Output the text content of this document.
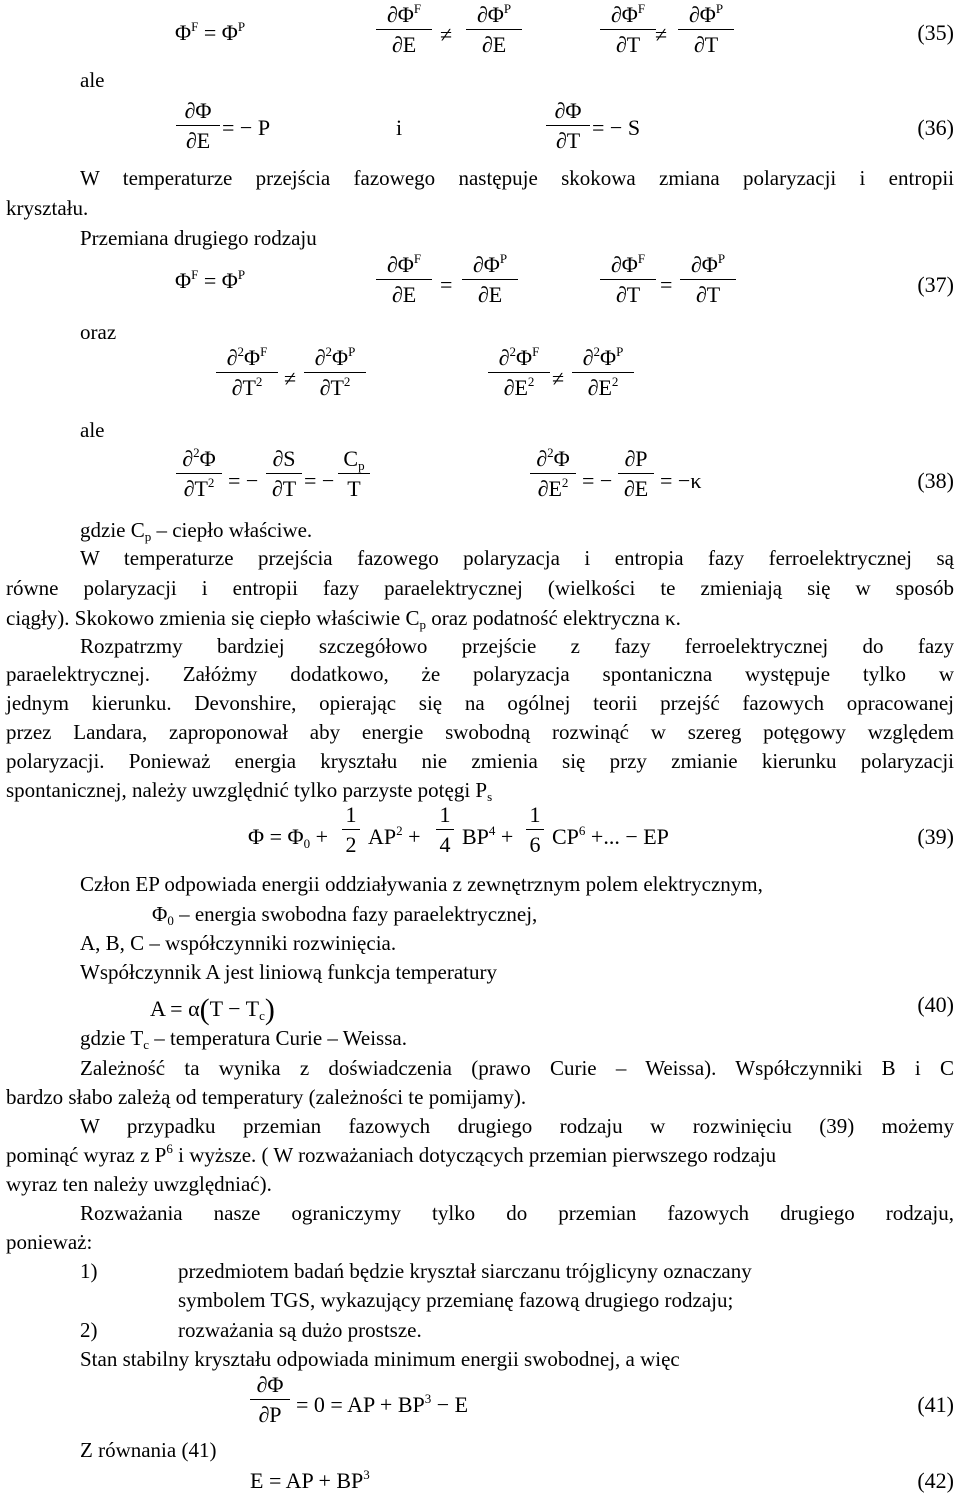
$\Phi^F = \Phi^P$	$\partial\Phi^F$
∂E	≠
$\partial\Phi^P$
∂E
$\partial\Phi^F$
∂T ≠
$\partial\Phi^P$
∂T	(35)
ale
∂Φ
∂E
= − P	i
∂Φ
∂T
= − S	(36)
W temperaturze przejścia fazowego następuje skokowa zmiana polaryzacji i entropii
kryształu.
Przemiana drugiego rodzaju
$\Phi^F = \Phi^P$	$\partial\Phi^F$
∂E	=
$\partial\Phi^P$
∂E
$\partial\Phi^F$
∂T =
$\partial\Phi^P$
∂T	(37)
oraz
$\partial^2\Phi^F$
$\partial T^2$ ≠
$\partial^2\Phi^P$
$\partial T^2$
$\partial^2\Phi^F$
$\partial E^2$ ≠
$\partial^2\Phi^P$
$\partial E^2$
ale
∂$^2$Φ
$\partial T^2$ = −
∂S
∂T = −
$C_p$
T
∂$^2$Φ
$\partial E^2$ = −
∂P
∂E = −κ	(38)
gdzie $C_p$ – ciepło właściwe.
W temperaturze przejścia fazowego polaryzacja i entropia fazy ferroelektrycznej są
równe polaryzacji i entropii fazy paraelektrycznej (wielkości te zmieniają się w sposób
ciągły). Skokowo zmienia się ciepło właściwie $C_p$ oraz podatność elektryczna κ.
Rozpatrzmy bardziej szczegółowo przejście z fazy ferroelektrycznej do fazy
paraelektrycznej. Załóżmy dodatkowo, że polaryzacja spontaniczna występuje tylko w
jednym kierunku. Devonshire, opierając się na ogólnej teorii przejść fazowych opracowanej
przez Landara, zaproponował aby energie swobodną rozwinąć w szereg potęgowy względem
polaryzacji. Ponieważ energia kryształu nie zmienia się przy zmianie kierunku polaryzacji
spontanicznej, należy uwzględnić tylko parzyste potęgi $P_s$
$\Phi = \Phi_0$ +
1
2 $AP^2$ +
1
4 $BP^4$ +
1
6 $CP^6$ +... − EP	(39)
Człon EP odpowiada energii oddziaływania z zewnętrznym polem elektrycznym,
$\Phi_0$ – energia swobodna fazy paraelektrycznej,
A, B, C – współczynniki rozwinięcia.
Współczynnik A jest liniową funkcja temperatury
$A = \alpha(T - T_c)$	(40)
gdzie $T_c$ – temperatura Curie – Weissa.
Zależność ta wynika z doświadczenia (prawo Curie – Weissa). Współczynniki B i C
bardzo słabo zależą od temperatury (zależności te pomijamy).
W przypadku przemian fazowych drugiego rodzaju w rozwinięciu (39) możemy
pominąć wyraz z $P^6$ i wyższe. ( W rozważaniach dotyczących przemian pierwszego rodzaju
wyraz ten należy uwzględniać).
Rozważania nasze ograniczymy tylko do przemian fazowych drugiego rodzaju,
ponieważ:
1)	przedmiotem badań będzie kryształ siarczanu trójglicyny oznaczany
symbolem TGS, wykazujący przemianę fazową drugiego rodzaju;
2)	rozważania są dużo prostsze.
Stan stabilny kryształu odpowiada minimum energii swobodnej, a więc
∂Φ
∂P = 0 = AP + $BP^3 - E$	(41)
Z równania (41)
E = AP + $BP^3$	(42)
